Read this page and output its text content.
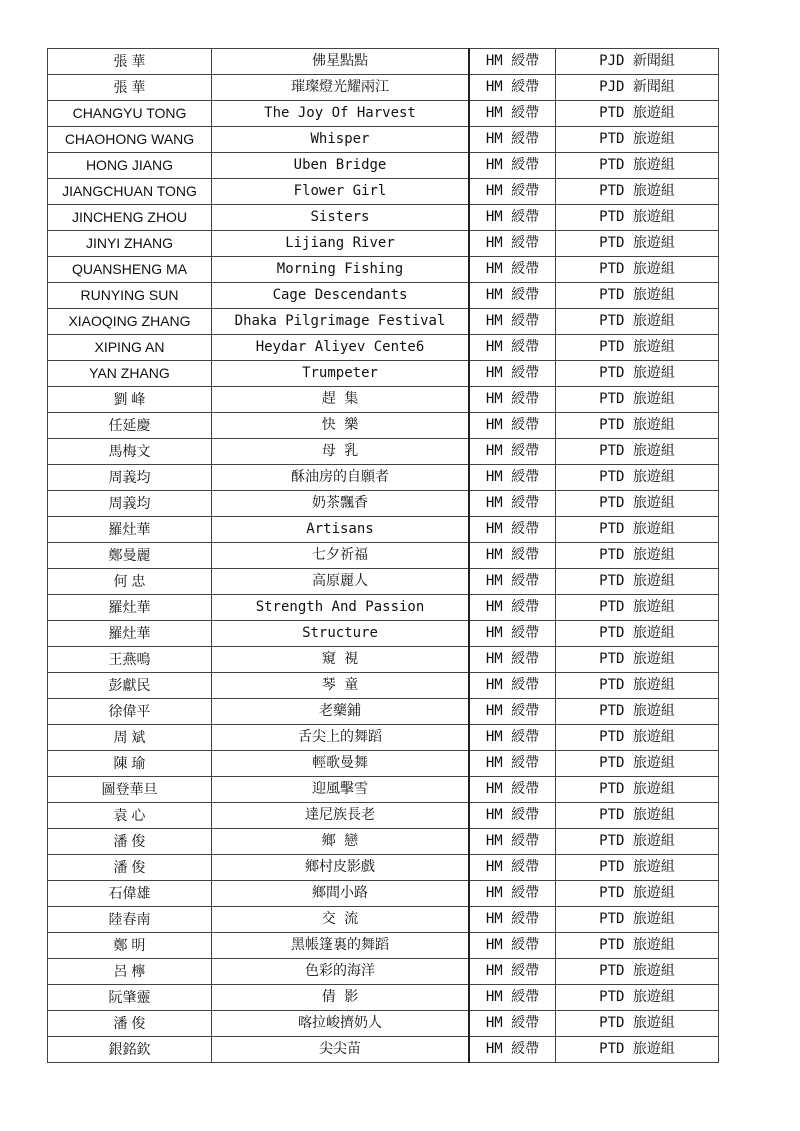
張 華	佛星點點	HM 綬帶	PJD 新聞組
張 華	璀璨燈光耀兩江	HM 綬帶	PJD 新聞組
CHANGYU TONG	The Joy Of Harvest	HM 綬帶	PTD 旅遊組
CHAOHONG WANG	Whisper	HM 綬帶	PTD 旅遊組
HONG JIANG	Uben Bridge	HM 綬帶	PTD 旅遊組
JIANGCHUAN TONG	Flower Girl	HM 綬帶	PTD 旅遊組
JINCHENG ZHOU	Sisters	HM 綬帶	PTD 旅遊組
JINYI ZHANG	Lijiang River	HM 綬帶	PTD 旅遊組
QUANSHENG MA	Morning Fishing	HM 綬帶	PTD 旅遊組
RUNYING SUN	Cage Descendants	HM 綬帶	PTD 旅遊組
XIAOQING ZHANG	Dhaka Pilgrimage Festival	HM 綬帶	PTD 旅遊組
XIPING AN	Heydar Aliyev Cente6	HM 綬帶	PTD 旅遊組
YAN ZHANG	Trumpeter	HM 綬帶	PTD 旅遊組
劉 峰	趕 集	HM 綬帶	PTD 旅遊組
任延慶	快 樂	HM 綬帶	PTD 旅遊組
馬梅文	母 乳	HM 綬帶	PTD 旅遊組
周義均	酥油房的自願者	HM 綬帶	PTD 旅遊組
周義均	奶茶飄香	HM 綬帶	PTD 旅遊組
羅灶華	Artisans	HM 綬帶	PTD 旅遊組
鄭曼麗	七夕祈福	HM 綬帶	PTD 旅遊組
何 忠	高原麗人	HM 綬帶	PTD 旅遊組
羅灶華	Strength And Passion	HM 綬帶	PTD 旅遊組
羅灶華	Structure	HM 綬帶	PTD 旅遊組
王燕鳴	窺 視	HM 綬帶	PTD 旅遊組
彭獻民	琴 童	HM 綬帶	PTD 旅遊組
徐偉平	老藥鋪	HM 綬帶	PTD 旅遊組
周 斌	舌尖上的舞蹈	HM 綬帶	PTD 旅遊組
陳 瑜	輕歌曼舞	HM 綬帶	PTD 旅遊組
圖登華旦	迎風擊雪	HM 綬帶	PTD 旅遊組
袁 心	達尼族長老	HM 綬帶	PTD 旅遊組
潘 俊	鄉 戀	HM 綬帶	PTD 旅遊組
潘 俊	鄉村皮影戲	HM 綬帶	PTD 旅遊組
石偉雄	鄉間小路	HM 綬帶	PTD 旅遊組
陸春南	交 流	HM 綬帶	PTD 旅遊組
鄭 明	黑帳篷裏的舞蹈	HM 綬帶	PTD 旅遊組
呂 檸	色彩的海洋	HM 綬帶	PTD 旅遊組
阮肇靈	倩 影	HM 綬帶	PTD 旅遊組
潘 俊	喀拉峻擠奶人	HM 綬帶	PTD 旅遊組
銀銘欽	尖尖苗	HM 綬帶	PTD 旅遊組
